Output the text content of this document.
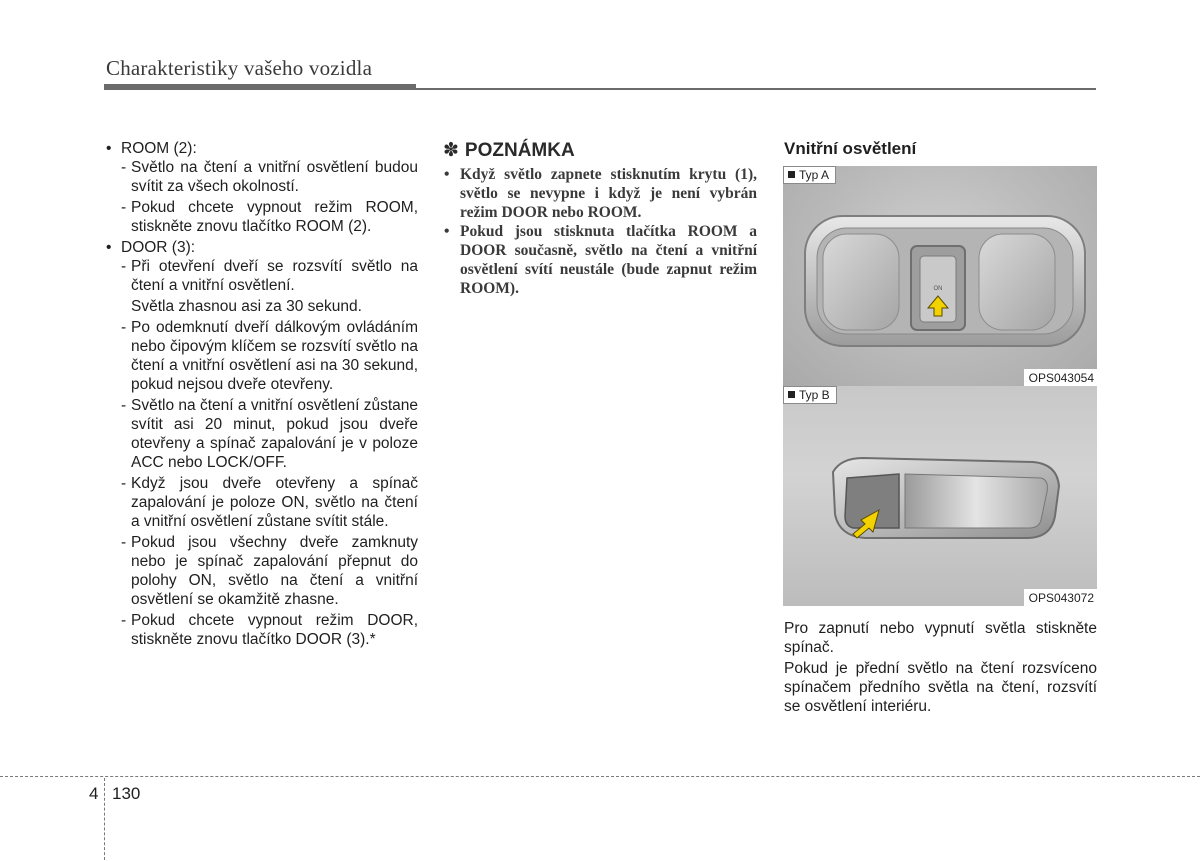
Charakteristiky vašeho vozidla
• ROOM (2):
- Světlo na čtení a vnitřní osvětlení budou svítit za všech okolností.
- Pokud chcete vypnout režim ROOM, stiskněte znovu tlačítko ROOM (2).
• DOOR (3):
- Při otevření dveří se rozsvítí světlo na čtení a vnitřní osvětlení.
Světla zhasnou asi za 30 sekund.
- Po odemknutí dveří dálkovým ovládáním nebo čipovým klíčem se rozsvítí světlo na čtení a vnitřní osvětlení asi na 30 sekund, pokud nejsou dveře otevřeny.
- Světlo na čtení a vnitřní osvětlení zůstane svítit asi 20 minut, pokud jsou dveře otevřeny a spínač zapalování je v poloze ACC nebo LOCK/OFF.
- Když jsou dveře otevřeny a spínač zapalování je poloze ON, světlo na čtení a vnitřní osvětlení zůstane svítit stále.
- Pokud jsou všechny dveře zamknuty nebo je spínač zapalování přepnut do polohy ON, světlo na čtení a vnitřní osvětlení se okamžitě zhasne.
- Pokud chcete vypnout režim DOOR, stiskněte znovu tlačítko DOOR (3).*
✽ POZNÁMKA
• Když světlo zapnete stisknutím krytu (1), světlo se nevypne i když je není vybrán režim DOOR nebo ROOM.
• Pokud jsou stisknuta tlačítka ROOM a DOOR současně, světlo na čtení a vnitřní osvětlení svítí neustále (bude zapnut režim ROOM).
Vnitřní osvětlení
ON
Typ A
OPS043054
Typ B
OPS043072

Pro zapnutí nebo vypnutí světla stiskněte spínač.

Pokud je přední světlo na čtení rozsvíceno spínačem předního světla na čtení, rozsvítí se osvětlení interiéru.

4 130
